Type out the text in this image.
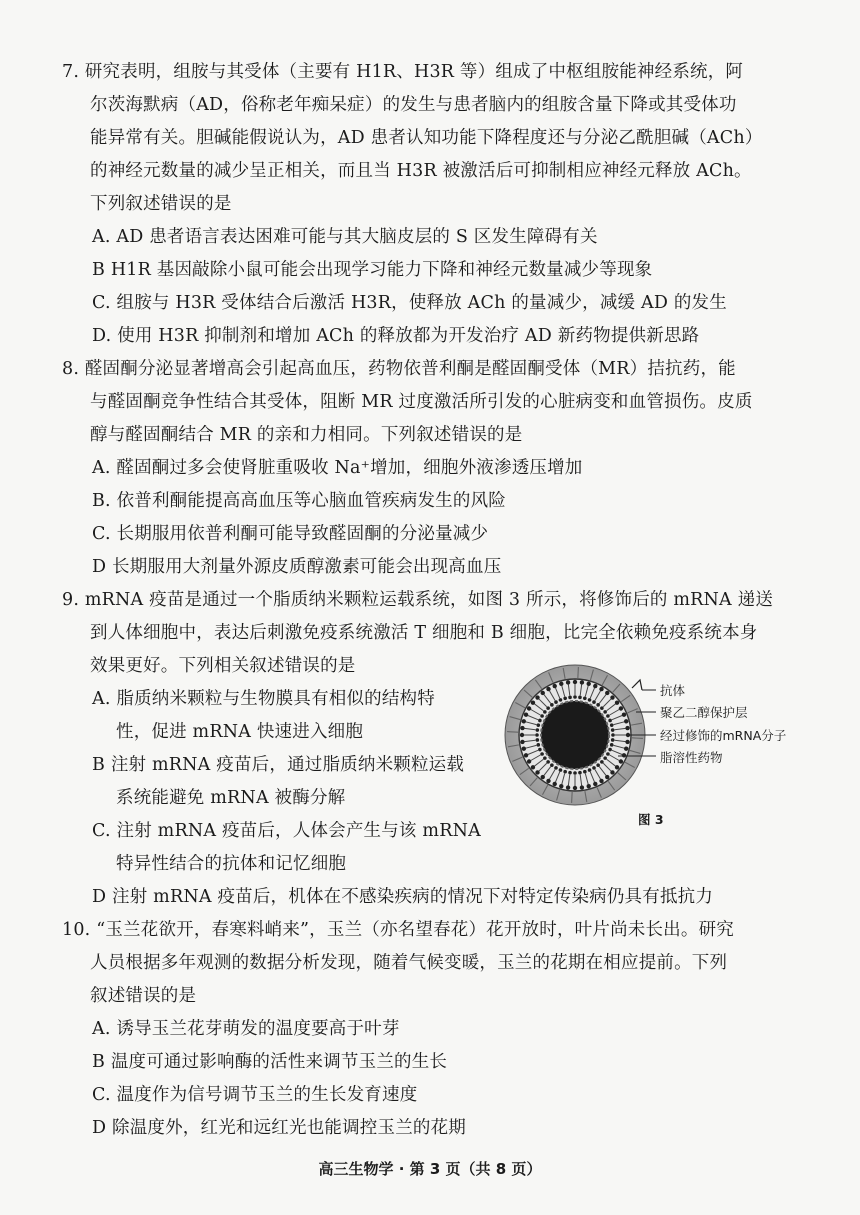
7. 研究表明，组胺与其受体（主要有 H1R、H3R 等）组成了中枢组胺能神经系统，阿
尔茨海默病（AD，俗称老年痴呆症）的发生与患者脑内的组胺含量下降或其受体功
能异常有关。胆碱能假说认为，AD 患者认知功能下降程度还与分泌乙酰胆碱（ACh）
的神经元数量的减少呈正相关，而且当 H3R 被激活后可抑制相应神经元释放 ACh。
下列叙述错误的是
A. AD 患者语言表达困难可能与其大脑皮层的 S 区发生障碍有关
B H1R 基因敲除小鼠可能会出现学习能力下降和神经元数量减少等现象
C. 组胺与 H3R 受体结合后激活 H3R，使释放 ACh 的量减少，减缓 AD 的发生
D. 使用 H3R 抑制剂和增加 ACh 的释放都为开发治疗 AD 新药物提供新思路
8. 醛固酮分泌显著增高会引起高血压，药物依普利酮是醛固酮受体（MR）拮抗药，能
与醛固酮竞争性结合其受体，阻断 MR 过度激活所引发的心脏病变和血管损伤。皮质
醇与醛固酮结合 MR 的亲和力相同。下列叙述错误的是
A. 醛固酮过多会使肾脏重吸收 Na⁺增加，细胞外液渗透压增加
B. 依普利酮能提高高血压等心脑血管疾病发生的风险
C. 长期服用依普利酮可能导致醛固酮的分泌量减少
D 长期服用大剂量外源皮质醇激素可能会出现高血压
9. mRNA 疫苗是通过一个脂质纳米颗粒运载系统，如图 3 所示，将修饰后的 mRNA 递送
到人体细胞中，表达后刺激免疫系统激活 T 细胞和 B 细胞，比完全依赖免疫系统本身
效果更好。下列相关叙述错误的是
A. 脂质纳米颗粒与生物膜具有相似的结构特
性，促进 mRNA 快速进入细胞
B 注射 mRNA 疫苗后，通过脂质纳米颗粒运载
系统能避免 mRNA 被酶分解
C. 注射 mRNA 疫苗后，人体会产生与该 mRNA
特异性结合的抗体和记忆细胞
D 注射 mRNA 疫苗后，机体在不感染疾病的情况下对特定传染病仍具有抵抗力
抗体
聚乙二醇保护层
经过修饰的mRNA分子
脂溶性药物
图 3
10. “玉兰花欲开，春寒料峭来”，玉兰（亦名望春花）花开放时，叶片尚未长出。研究
人员根据多年观测的数据分析发现，随着气候变暖，玉兰的花期在相应提前。下列
叙述错误的是
A. 诱导玉兰花芽萌发的温度要高于叶芽
B 温度可通过影响酶的活性来调节玉兰的生长
C. 温度作为信号调节玉兰的生长发育速度
D 除温度外，红光和远红光也能调控玉兰的花期
高三生物学 · 第 3 页（共 8 页）
